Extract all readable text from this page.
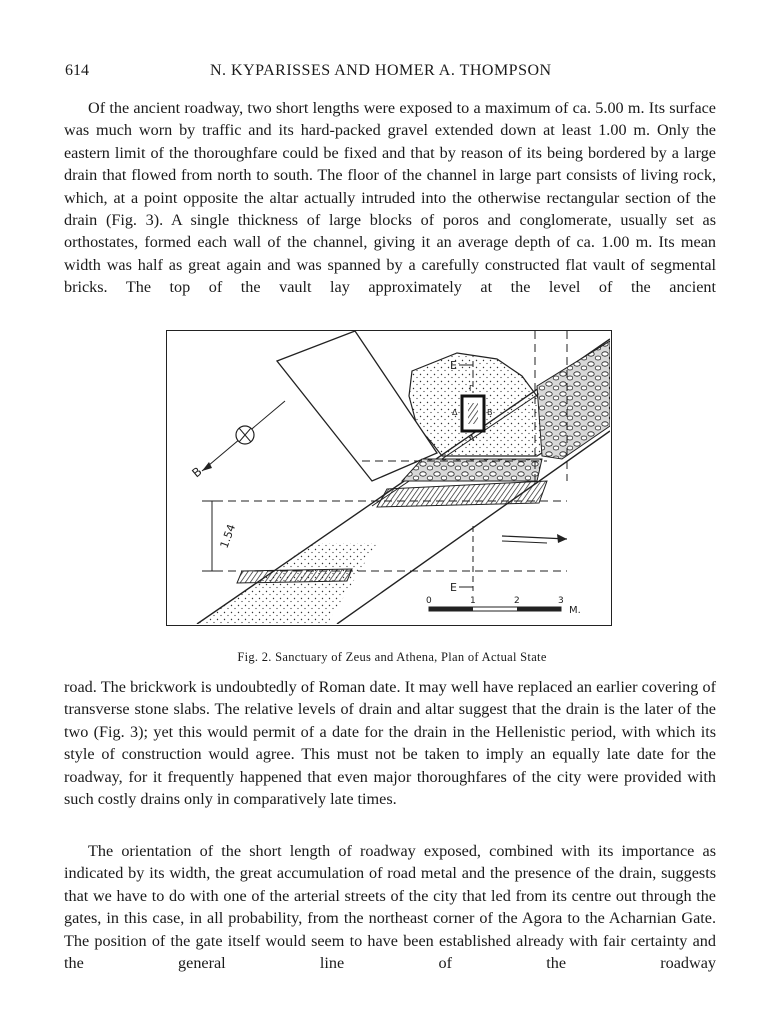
614	N. KYPARISSES AND HOMER A. THOMPSON

Of the ancient roadway, two short lengths were exposed to a maximum of ca. 5.00 m. Its surface was much worn by traffic and its hard-packed gravel extended down at least 1.00 m. Only the eastern limit of the thoroughfare could be fixed and that by reason of its being bordered by a large drain that flowed from north to south. The floor of the channel in large part consists of living rock, which, at a point opposite the altar actually intruded into the otherwise rectangular section of the drain (Fig. 3). A single thickness of large blocks of poros and conglomerate, usually set as orthostates, formed each wall of the channel, giving it an average depth of ca. 1.00 m. Its mean width was half as great again and was spanned by a carefully constructed flat vault of segmental bricks. The top of the vault lay approximately at the level of the ancient

1.54
B
E
E
Γ
Δ	B
A
0	1	2	3
M.
Fig. 2. Sanctuary of Zeus and Athena, Plan of Actual State

road. The brickwork is undoubtedly of Roman date. It may well have replaced an earlier covering of transverse stone slabs. The relative levels of drain and altar suggest that the drain is the later of the two (Fig. 3); yet this would permit of a date for the drain in the Hellenistic period, with which its style of construction would agree. This must not be taken to imply an equally late date for the roadway, for it frequently happened that even major thoroughfares of the city were provided with such costly drains only in comparatively late times.

The orientation of the short length of roadway exposed, combined with its importance as indicated by its width, the great accumulation of road metal and the presence of the drain, suggests that we have to do with one of the arterial streets of the city that led from its centre out through the gates, in this case, in all probability, from the northeast corner of the Agora to the Acharnian Gate. The position of the gate itself would seem to have been established already with fair certainty and the general line of the roadway
